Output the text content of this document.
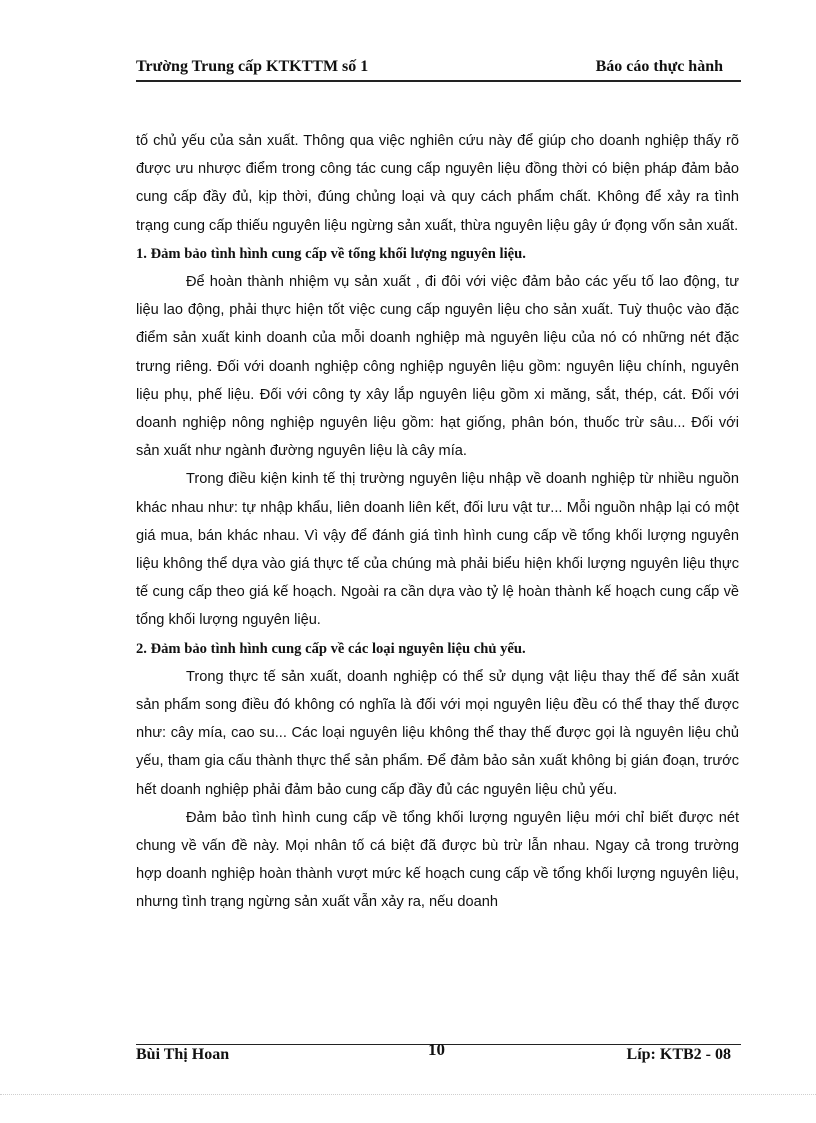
Trường Trung cấp KTKTTM số 1	Báo cáo thực hành

tố chủ yếu của sản xuất. Thông qua việc nghiên cứu này để giúp cho doanh nghiệp thấy rõ được ưu nhược điểm trong công tác cung cấp nguyên liệu đồng thời có biện pháp đảm bảo cung cấp đầy đủ, kịp thời, đúng chủng loại và quy cách phẩm chất. Không để xảy ra tình trạng cung cấp thiếu nguyên liệu ngừng sản xuất, thừa nguyên liệu gây ứ đọng vốn sản xuất.

1. Đảm bảo tình hình cung cấp về tổng khối lượng nguyên liệu.

Để hoàn thành nhiệm vụ sản xuất , đi đôi với việc đảm bảo các yếu tố lao động, tư liệu lao động, phải thực hiện tốt việc cung cấp nguyên liệu cho sản xuất. Tuỳ thuộc vào đặc điểm sản xuất kinh doanh của mỗi doanh nghiệp mà nguyên liệu của nó có những nét đặc trưng riêng. Đối với doanh nghiệp công nghiệp nguyên liệu gồm: nguyên liệu chính, nguyên liệu phụ, phế liệu. Đối với công ty xây lắp nguyên liệu gồm xi măng, sắt, thép, cát. Đối với doanh nghiệp nông nghiệp nguyên liệu gồm: hạt giống, phân bón, thuốc trừ sâu... Đối với sản xuất như ngành đường nguyên liệu là cây mía.

Trong điều kiện kinh tế thị trường nguyên liệu nhập về doanh nghiệp từ nhiều nguồn khác nhau như: tự nhập khẩu, liên doanh liên kết, đối lưu vật tư... Mỗi nguồn nhập lại có một giá mua, bán khác nhau. Vì vậy để đánh giá tình hình cung cấp về tổng khối lượng nguyên liệu không thể dựa vào giá thực tế của chúng mà phải biểu hiện khối lượng nguyên liệu thực tế cung cấp theo giá kế hoạch. Ngoài ra cần dựa vào tỷ lệ hoàn thành kế hoạch cung cấp về tổng khối lượng nguyên liệu.

2. Đảm bảo tình hình cung cấp về các loại nguyên liệu chủ yếu.

Trong thực tế sản xuất, doanh nghiệp có thể sử dụng vật liệu thay thế để sản xuất sản phẩm song điều đó không có nghĩa là đối với mọi nguyên liệu đều có thể thay thế được như: cây mía, cao su... Các loại nguyên liệu không thể thay thế được gọi là nguyên liệu chủ yếu, tham gia cấu thành thực thể sản phẩm. Để đảm bảo sản xuất không bị gián đoạn, trước hết doanh nghiệp phải đảm bảo cung cấp đầy đủ các nguyên liệu chủ yếu.

Đảm bảo tình hình cung cấp về tổng khối lượng nguyên liệu mới chỉ biết được nét chung về vấn đề này. Mọi nhân tố cá biệt đã được bù trừ lẫn nhau. Ngay cả trong trường hợp doanh nghiệp hoàn thành vượt mức kế hoạch cung cấp về tổng khối lượng nguyên liệu, nhưng tình trạng ngừng sản xuất vẫn xảy ra, nếu doanh

Bùi Thị Hoan	10	Líp: KTB2 - 08
